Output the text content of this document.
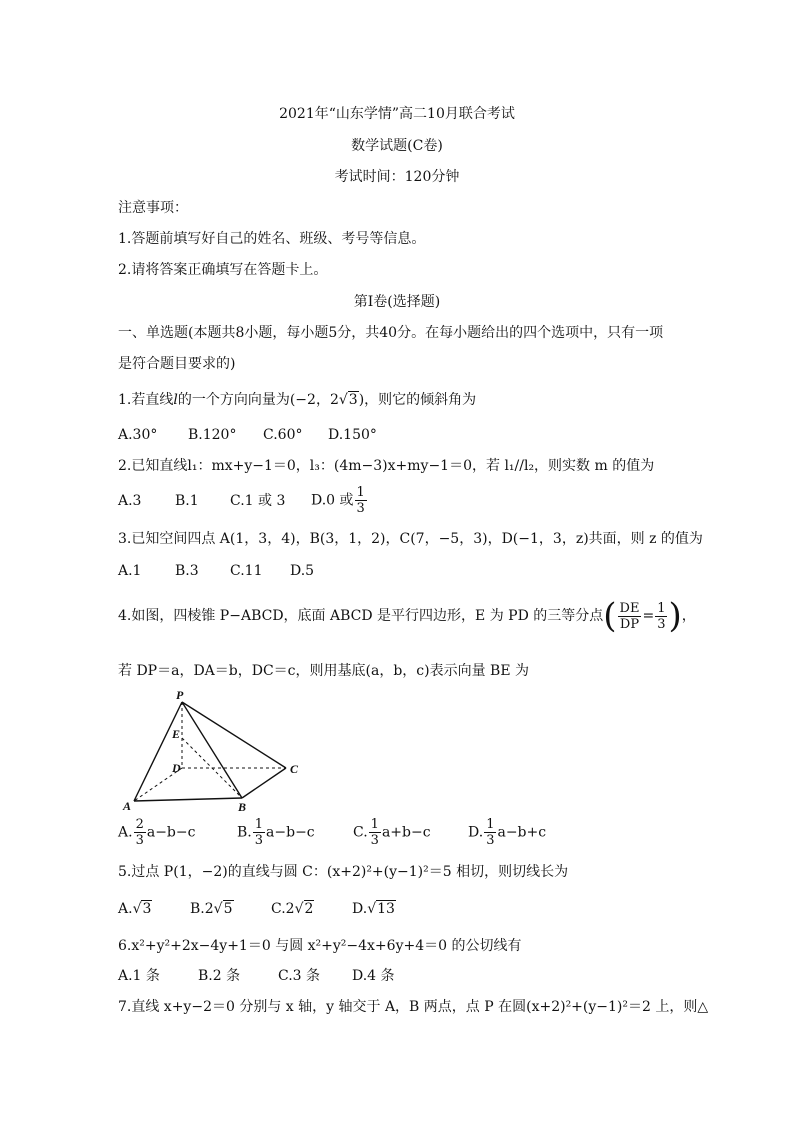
2021年“山东学情”高二10月联合考试
数学试题(C卷)
考试时间：120分钟
注意事项：
1.答题前填写好自己的姓名、班级、考号等信息。
2.请将答案正确填写在答题卡上。
第Ⅰ卷(选择题)
一、单选题(本题共8小题，每小题5分，共40分。在每小题给出的四个选项中，只有一项
是符合题目要求的)
1.若直线l的一个方向向量为(−2，2√3)，则它的倾斜角为
A.30° B.120° C.60° D.150°
2.已知直线l₁：mx+y−1＝0，l₃：(4m−3)x+my−1＝0，若 l₁//l₂，则实数 m 的值为
A.3 B.1 C.1 或 3 D.0 或 $\frac{1}{3}$
3.已知空间四点 A(1，3，4)，B(3，1，2)，C(7，−5，3)，D(−1，3，z)共面，则 z 的值为
A.1 B.3 C.11 D.5
4.如图，四棱锥 P−ABCD，底面 ABCD 是平行四边形，E 为 PD 的三等分点( $\frac{DE}{DP} = \frac{1}{3}$ )，
若 DP＝a，DA＝b，DC＝c，则用基底(a，b，c)表示向量 BE 为
P
E
D	C
A	B
A. $\frac{2}{3} a-b-c$	B. $\frac{1}{3} a-b-c$	C. $\frac{1}{3} a+b-c$	D. $\frac{1}{3} a-b+c$
5.过点 P(1，−2)的直线与圆 C：(x+2)²+(y−1)²＝5 相切，则切线长为
A.√3	B.2√5	C.2√2	D.√13
6.x²+y²+2x−4y+1＝0 与圆 x²+y²−4x+6y+4＝0 的公切线有
A.1 条	B.2 条	C.3 条 D.4 条
7.直线 x+y−2＝0 分别与 x 轴，y 轴交于 A，B 两点，点 P 在圆(x+2)²+(y−1)²＝2 上，则△
